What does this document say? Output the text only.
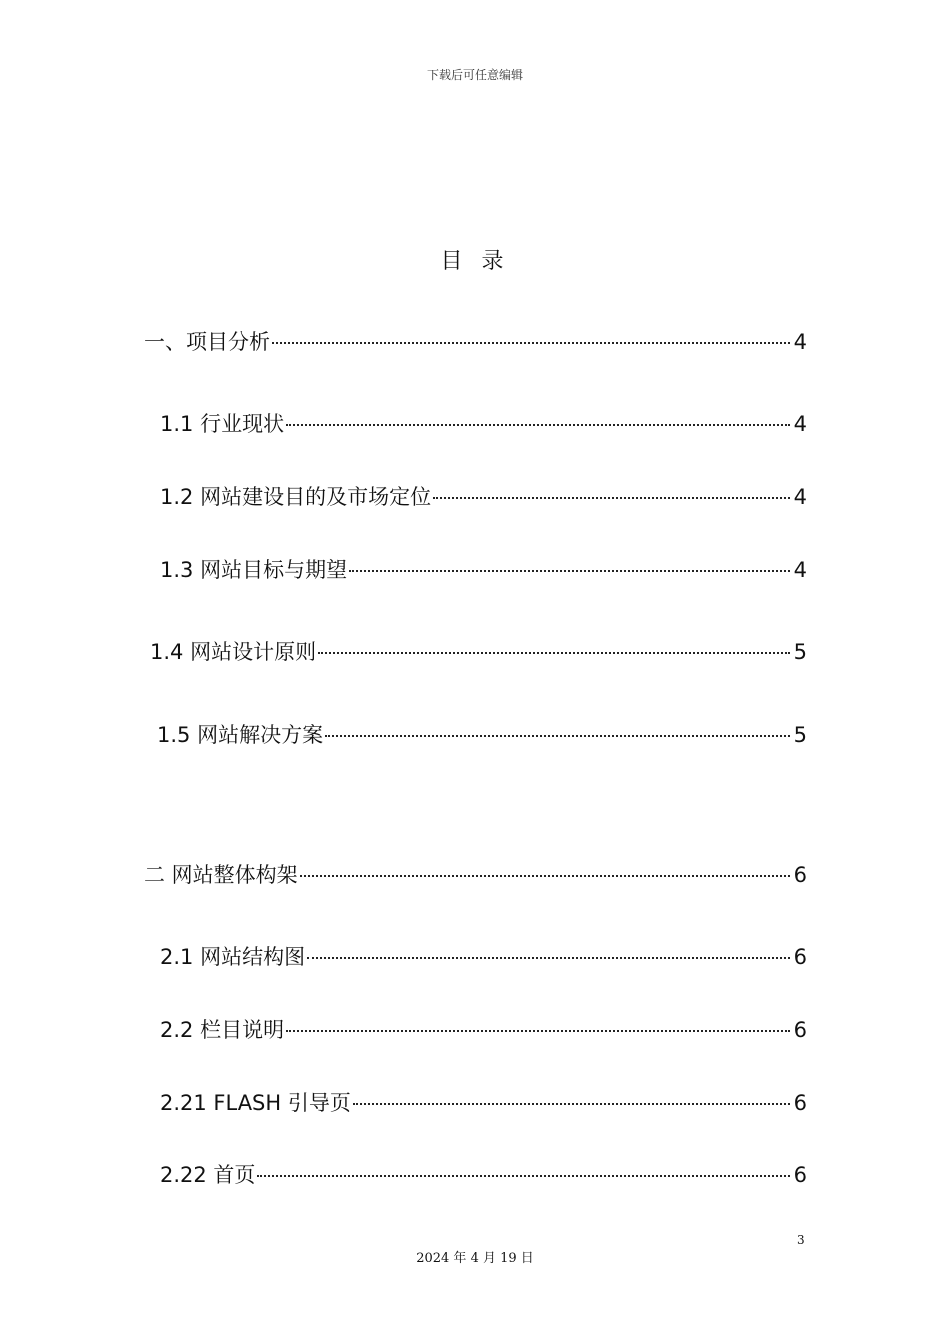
下载后可任意编辑
目 录
一、项目分析	4
1.1 行业现状	4
1.2 网站建设目的及市场定位	4
1.3 网站目标与期望	4
1.4 网站设计原则	5
1.5 网站解决方案	5
二 网站整体构架	6
2.1 网站结构图	6
2.2 栏目说明	6
2.21 FLASH 引导页	6
2.22 首页	6
3
2024 年 4 月 19 日
